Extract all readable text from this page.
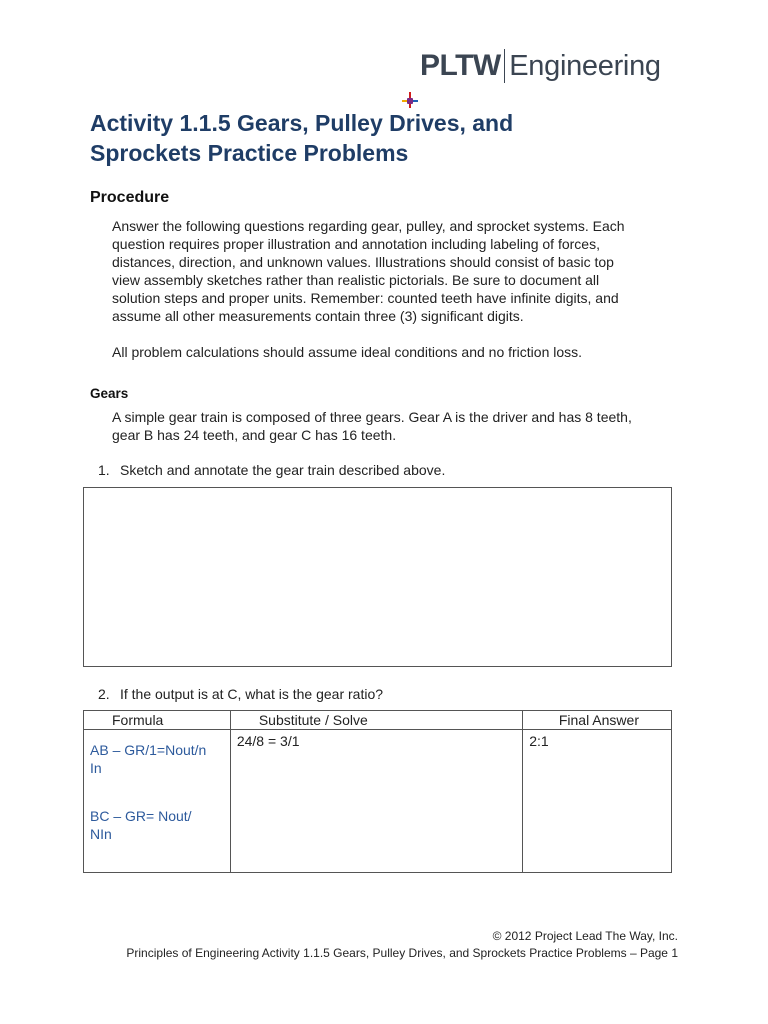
PLTW Engineering
Activity 1.1.5 Gears, Pulley Drives, and
Sprockets Practice Problems
Procedure

Answer the following questions regarding gear, pulley, and sprocket systems. Each
question requires proper illustration and annotation including labeling of forces,
distances, direction, and unknown values. Illustrations should consist of basic top
view assembly sketches rather than realistic pictorials. Be sure to document all
solution steps and proper units. Remember: counted teeth have infinite digits, and
assume all other measurements contain three (3) significant digits.

All problem calculations should assume ideal conditions and no friction loss.

Gears

A simple gear train is composed of three gears. Gear A is the driver and has 8 teeth,
gear B has 24 teeth, and gear C has 16 teeth.

1. Sketch and annotate the gear train described above.

2. If the output is at C, what is the gear ratio?

Formula	Substitute / Solve	Final Answer

AB – GR/1=Nout/n
In
BC – GR= Nout/
NIn	24/8 = 3/1	2:1

© 2012 Project Lead The Way, Inc.

Principles of Engineering Activity 1.1.5 Gears, Pulley Drives, and Sprockets Practice Problems – Page 1
